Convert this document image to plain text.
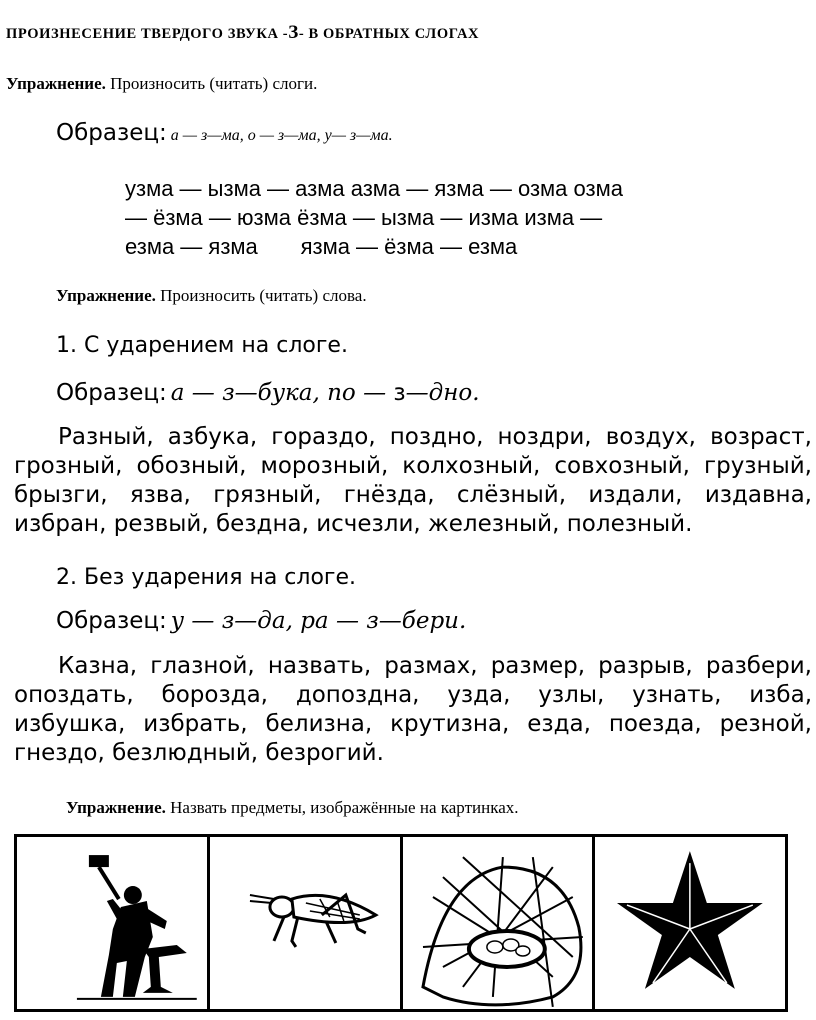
ПРОИЗНЕСЕНИЕ ТВЕРДОГО ЗВУКА -З- В ОБРАТНЫХ СЛОГАХ
Упражнение. Произносить (читать) слоги.
Образец: а — з—ма, о — з—ма, у— з—ма.
узма — ызма — азма азма — язма — озма озма
— ёзма — юзма ёзма — ызма — изма изма —
езма — язма       язма — ёзма — езма
Упражнение. Произносить (читать) слова.
1. С ударением на слоге.
Образец: а — з—бука, по — з—дно.
Разный, азбука, гораздо, поздно, ноздри, воздух, возраст,
грозный, обозный, морозный, колхозный, совхозный, грузный,
брызги, язва, грязный, гнёзда, слёзный, издали, издавна,
избран, резвый, бездна, исчезли, железный, полезный.
2. Без ударения на слоге.
Образец: у — з—да, ра — з—бери.
Казна, глазной, назвать, размах, размер, разрыв, разбери,
опоздать, борозда, допоздна, узда, узлы, узнать, изба,
избушка, избрать, белизна, крутизна, езда, поезда, резной,
гнездо, безлюдный, безрогий.
Упражнение. Назвать предметы, изображённые на картинках.
